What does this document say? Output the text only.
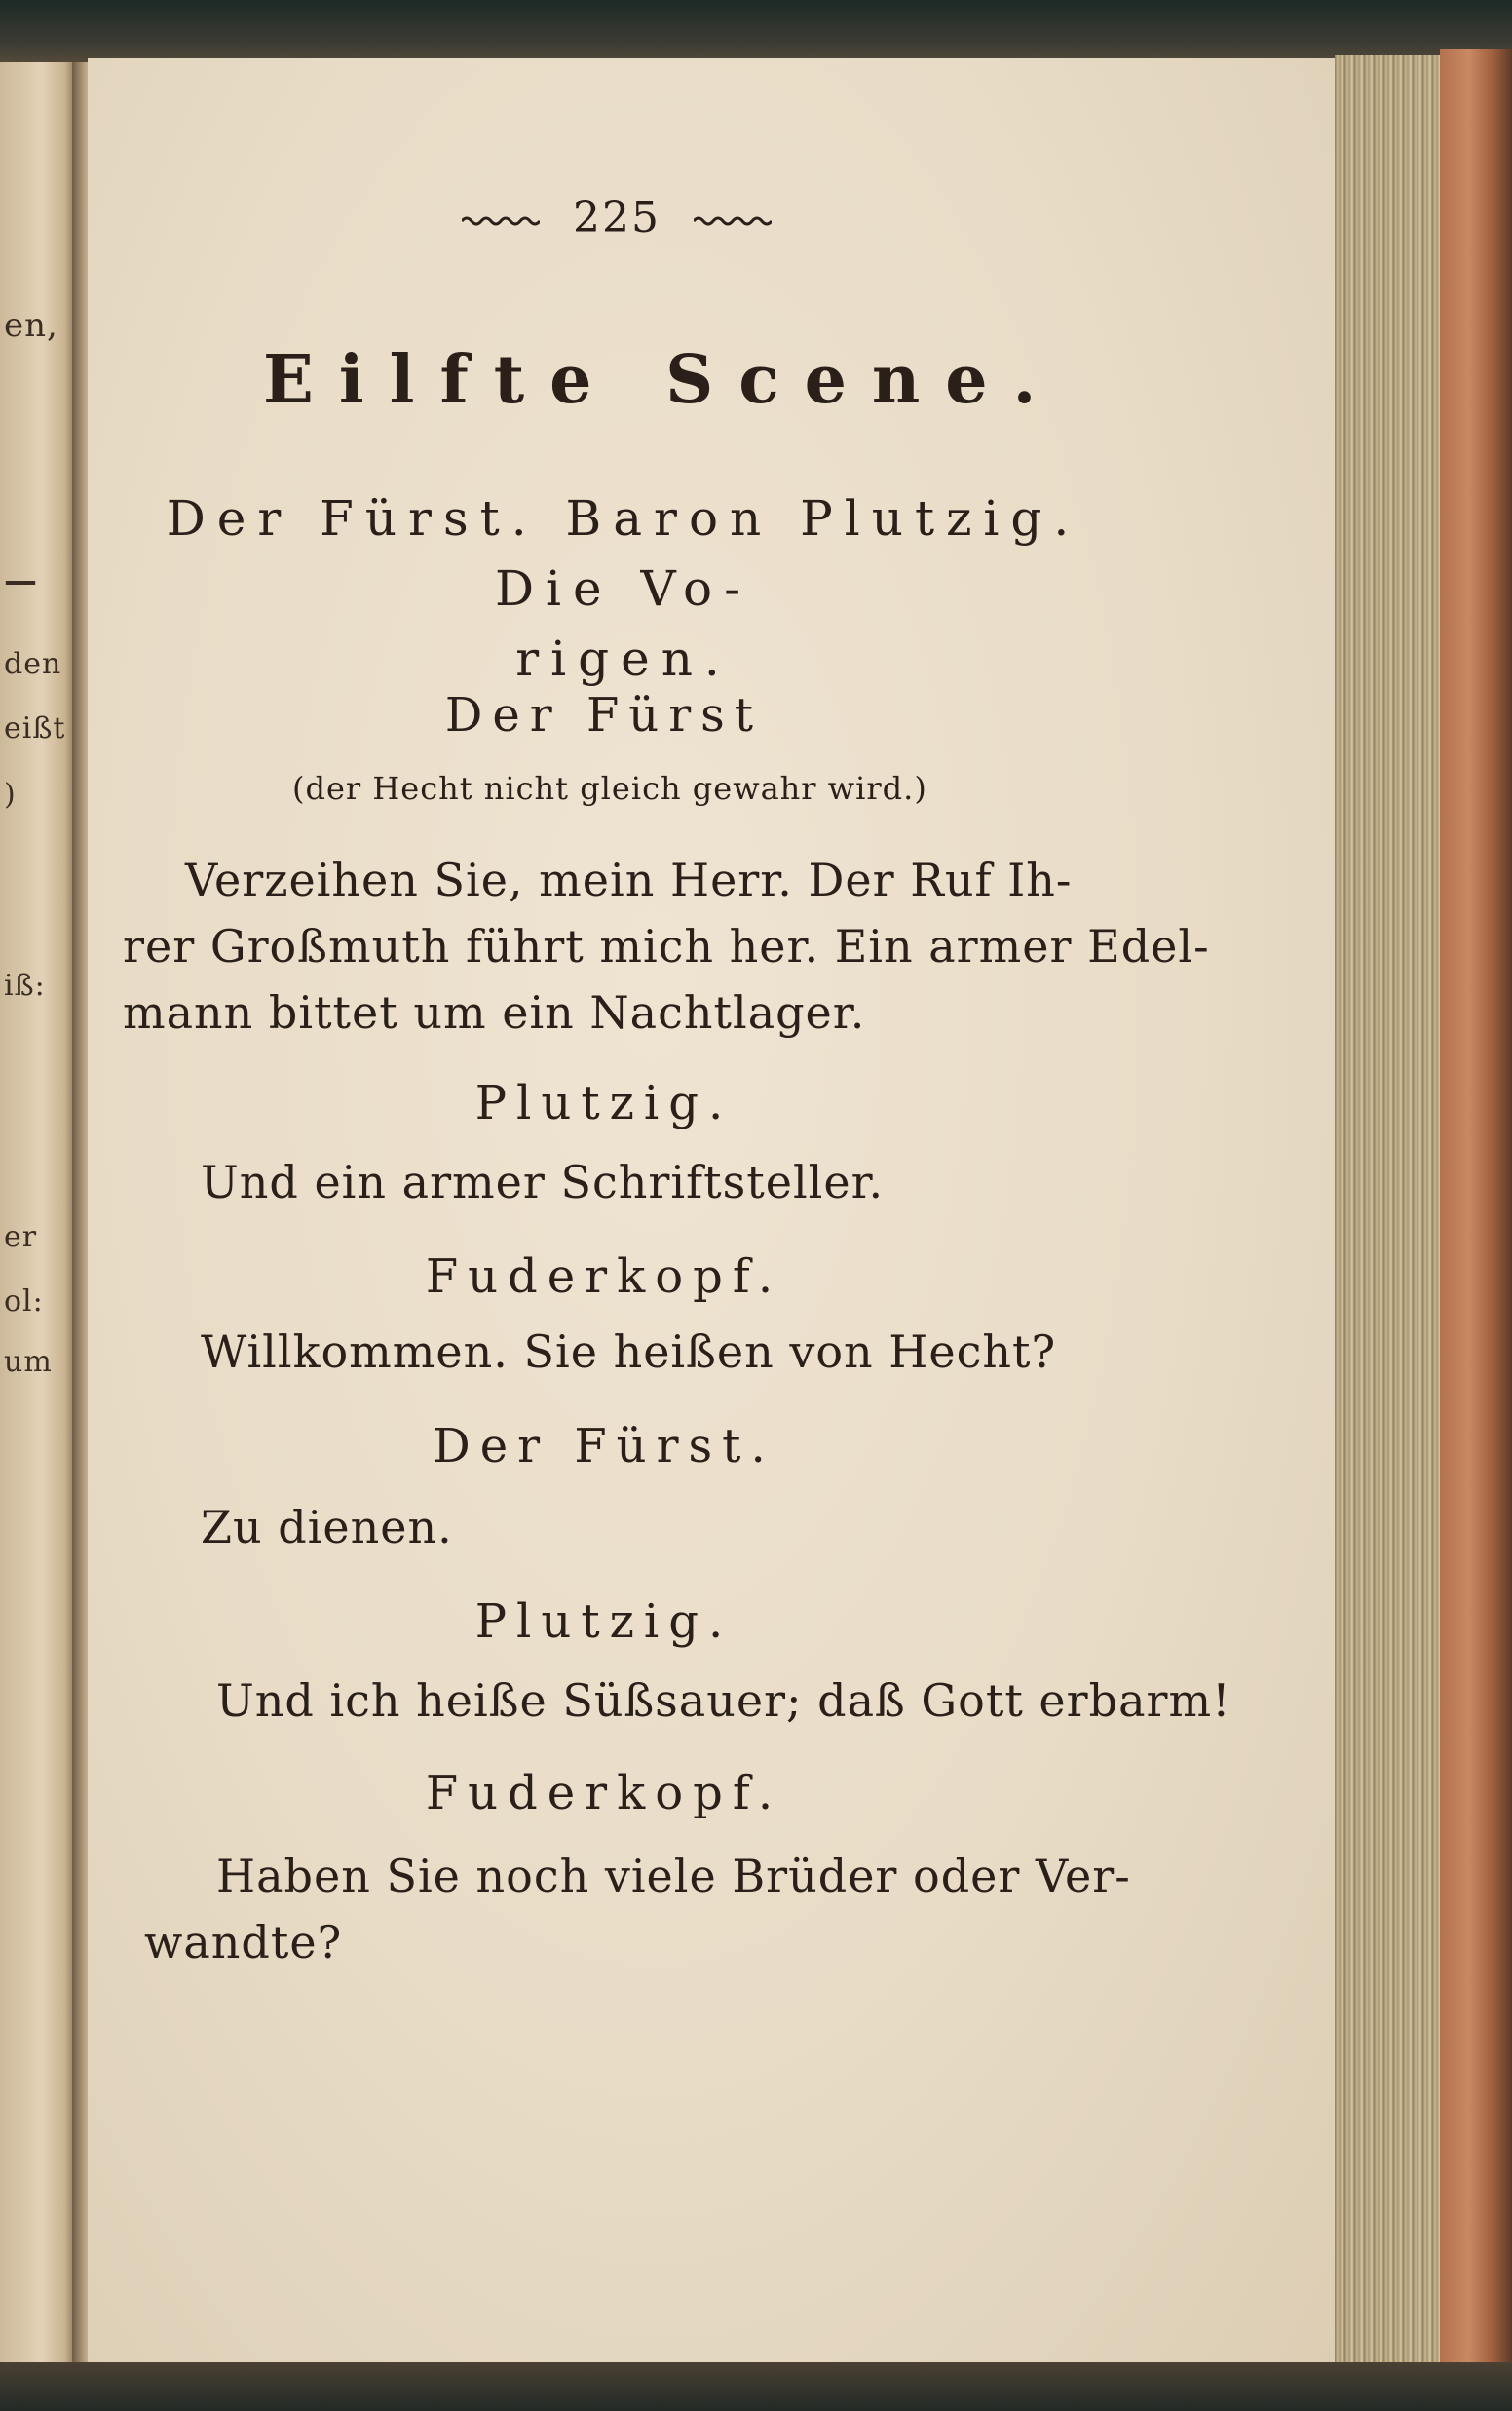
en,
—
den
eißt
)
iß:
er
ol:
um
225
Eilfte Scene.
Der Fürst. Baron Plutzig. Die Vo-
rigen.
Der Fürst
(der Hecht nicht gleich gewahr wird.)
Verzeihen Sie, mein Herr. Der Ruf Ih-
rer Großmuth führt mich her. Ein armer Edel-
mann bittet um ein Nachtlager.
Plutzig.
Und ein armer Schriftsteller.
Fuderkopf.
Willkommen. Sie heißen von Hecht?
Der Fürst.
Zu dienen.
Plutzig.
Und ich heiße Süßsauer; daß Gott erbarm!
Fuderkopf.
Haben Sie noch viele Brüder oder Ver-
wandte?
